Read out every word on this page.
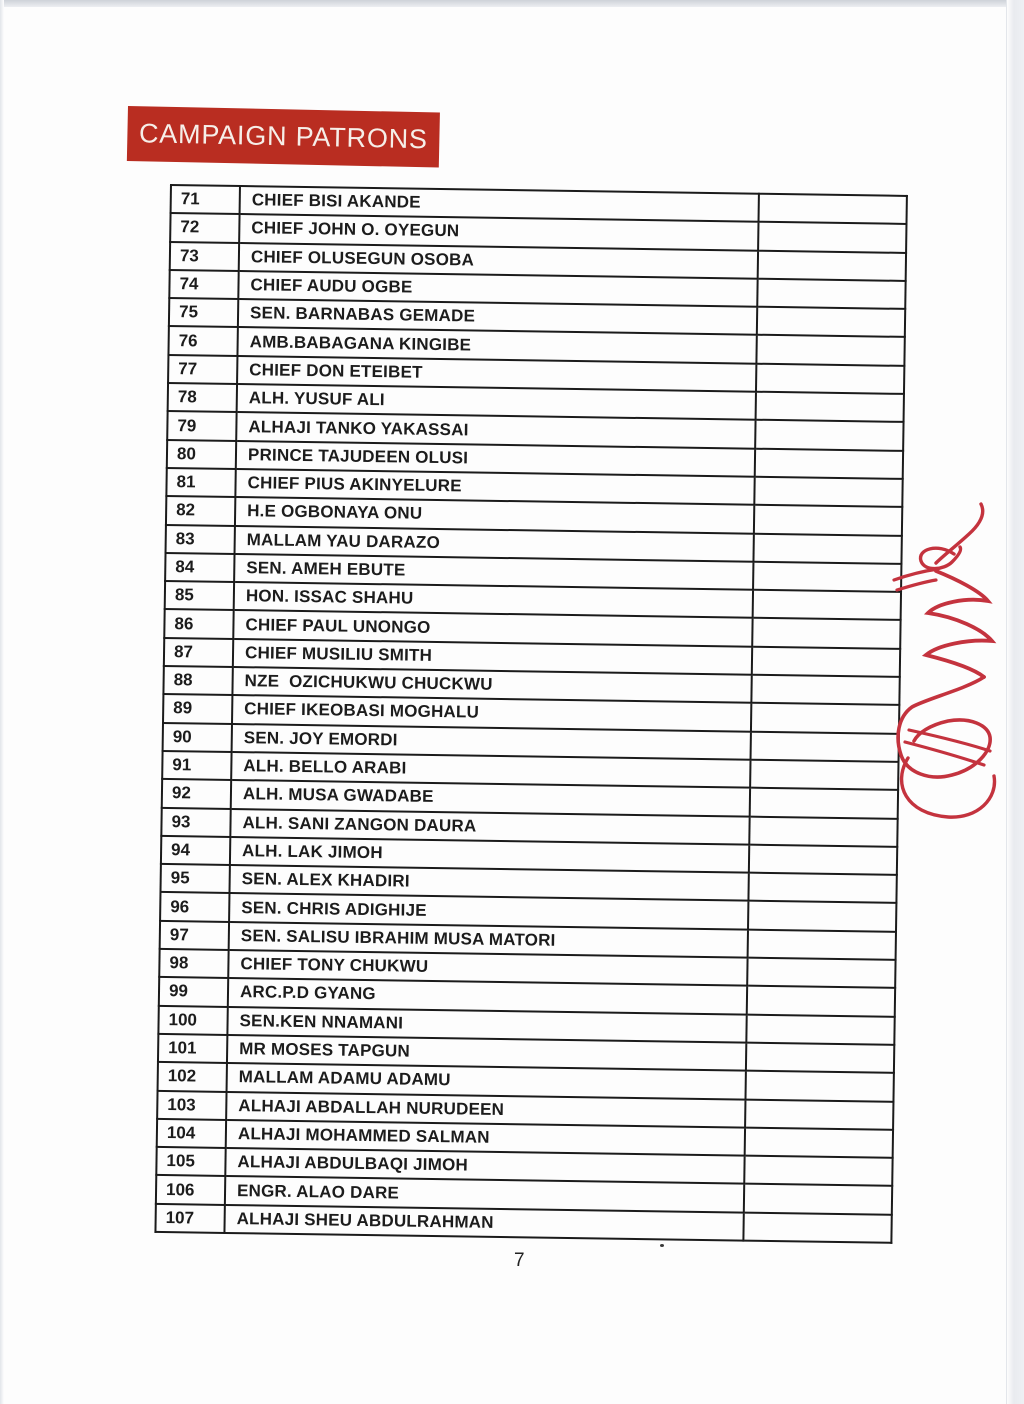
CAMPAIGN PATRONS
71	CHIEF BISI AKANDE	
72	CHIEF JOHN O. OYEGUN	
73	CHIEF OLUSEGUN OSOBA	
74	CHIEF AUDU OGBE	
75	SEN. BARNABAS GEMADE	
76	AMB.BABAGANA KINGIBE	
77	CHIEF DON ETEIBET	
78	ALH. YUSUF ALI	
79	ALHAJI TANKO YAKASSAI	
80	PRINCE TAJUDEEN OLUSI	
81	CHIEF PIUS AKINYELURE	
82	H.E OGBONAYA ONU	
83	MALLAM YAU DARAZO	
84	SEN. AMEH EBUTE	
85	HON. ISSAC SHAHU	
86	CHIEF PAUL UNONGO	
87	CHIEF MUSILIU SMITH	
88	NZE  OZICHUKWU CHUCKWU	
89	CHIEF IKEOBASI MOGHALU	
90	SEN. JOY EMORDI	
91	ALH. BELLO ARABI	
92	ALH. MUSA GWADABE	
93	ALH. SANI ZANGON DAURA	
94	ALH. LAK JIMOH	
95	SEN. ALEX KHADIRI	
96	SEN. CHRIS ADIGHIJE	
97	SEN. SALISU IBRAHIM MUSA MATORI	
98	CHIEF TONY CHUKWU	
99	ARC.P.D GYANG	
100	SEN.KEN NNAMANI	
101	MR MOSES TAPGUN	
102	MALLAM ADAMU ADAMU	
103	ALHAJI ABDALLAH NURUDEEN	
104	ALHAJI MOHAMMED SALMAN	
105	ALHAJI ABDULBAQI JIMOH	
106	ENGR. ALAO DARE	
107	ALHAJI SHEU ABDULRAHMAN	
7
